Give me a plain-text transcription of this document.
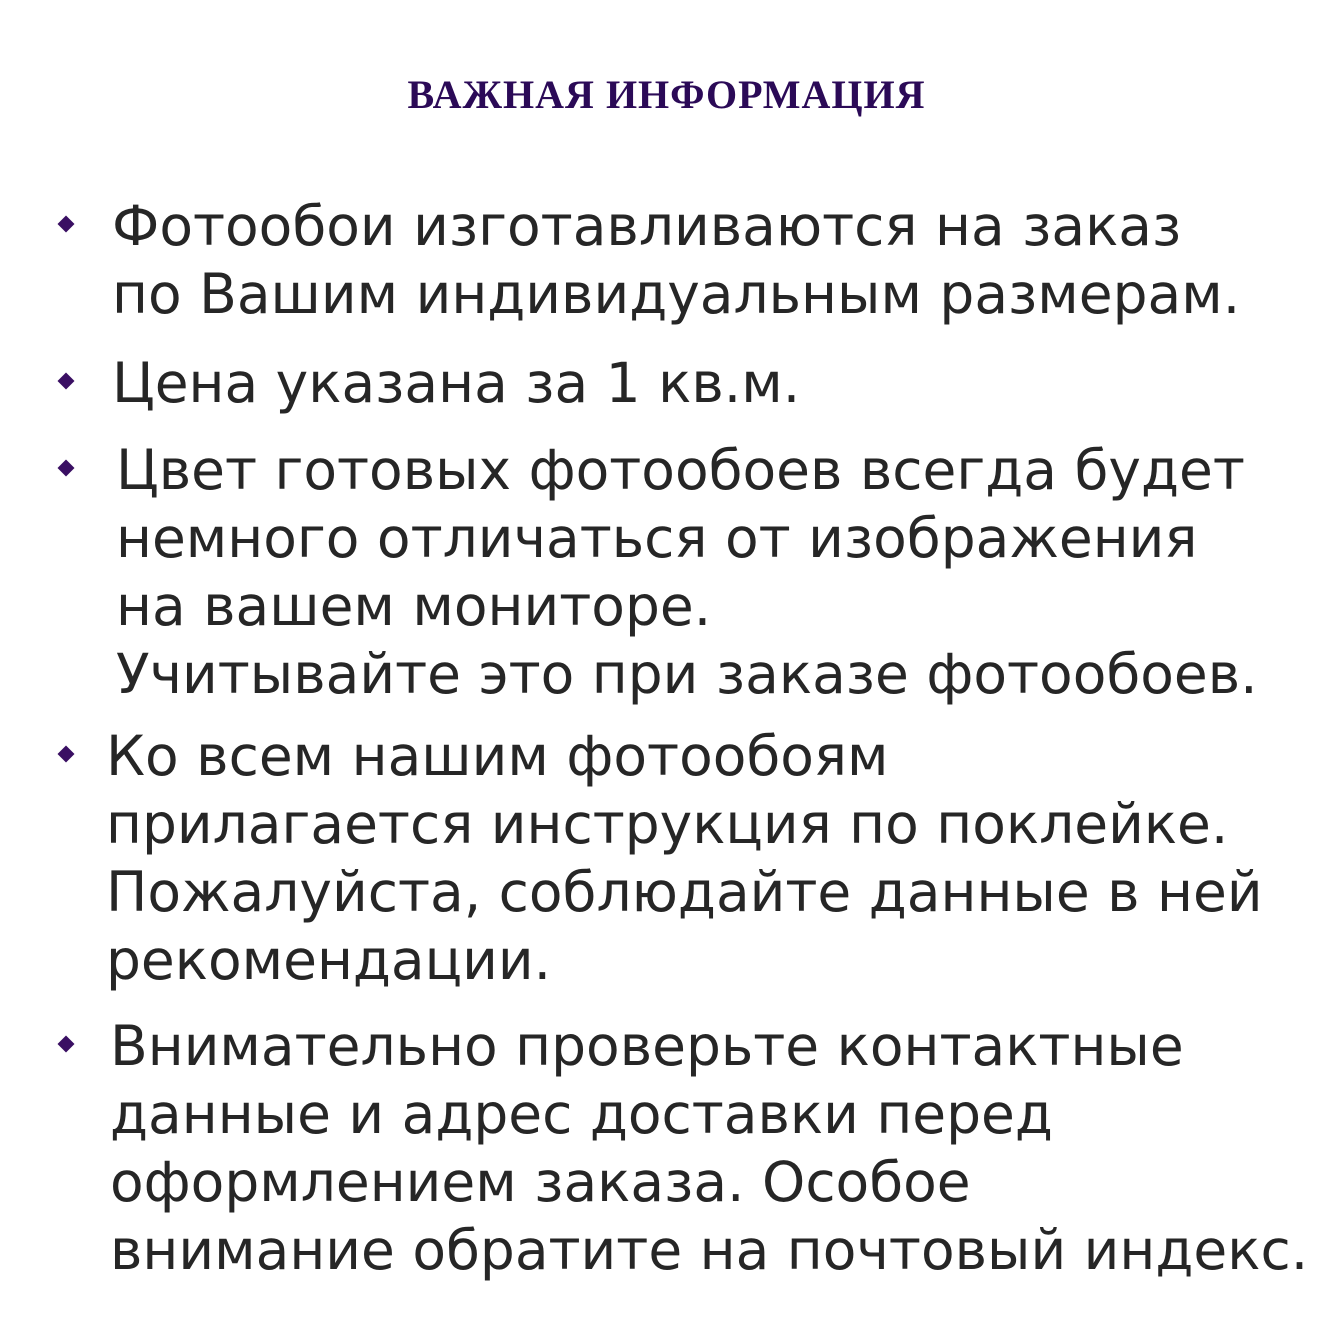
ВАЖНАЯ ИНФОРМАЦИЯ
Фотообои изготавливаются на заказ
по Вашим индивидуальным размерам.
Цена указана за 1 кв.м.
Цвет готовых фотообоев всегда будет
немного отличаться от изображения
на вашем мониторе.
Учитывайте это при заказе фотообоев.
Ко всем нашим фотообоям
прилагается инструкция по поклейке.
Пожалуйста, соблюдайте данные в ней
рекомендации.
Внимательно проверьте контактные
данные и адрес доставки перед
оформлением заказа. Особое
внимание обратите на почтовый индекс.
